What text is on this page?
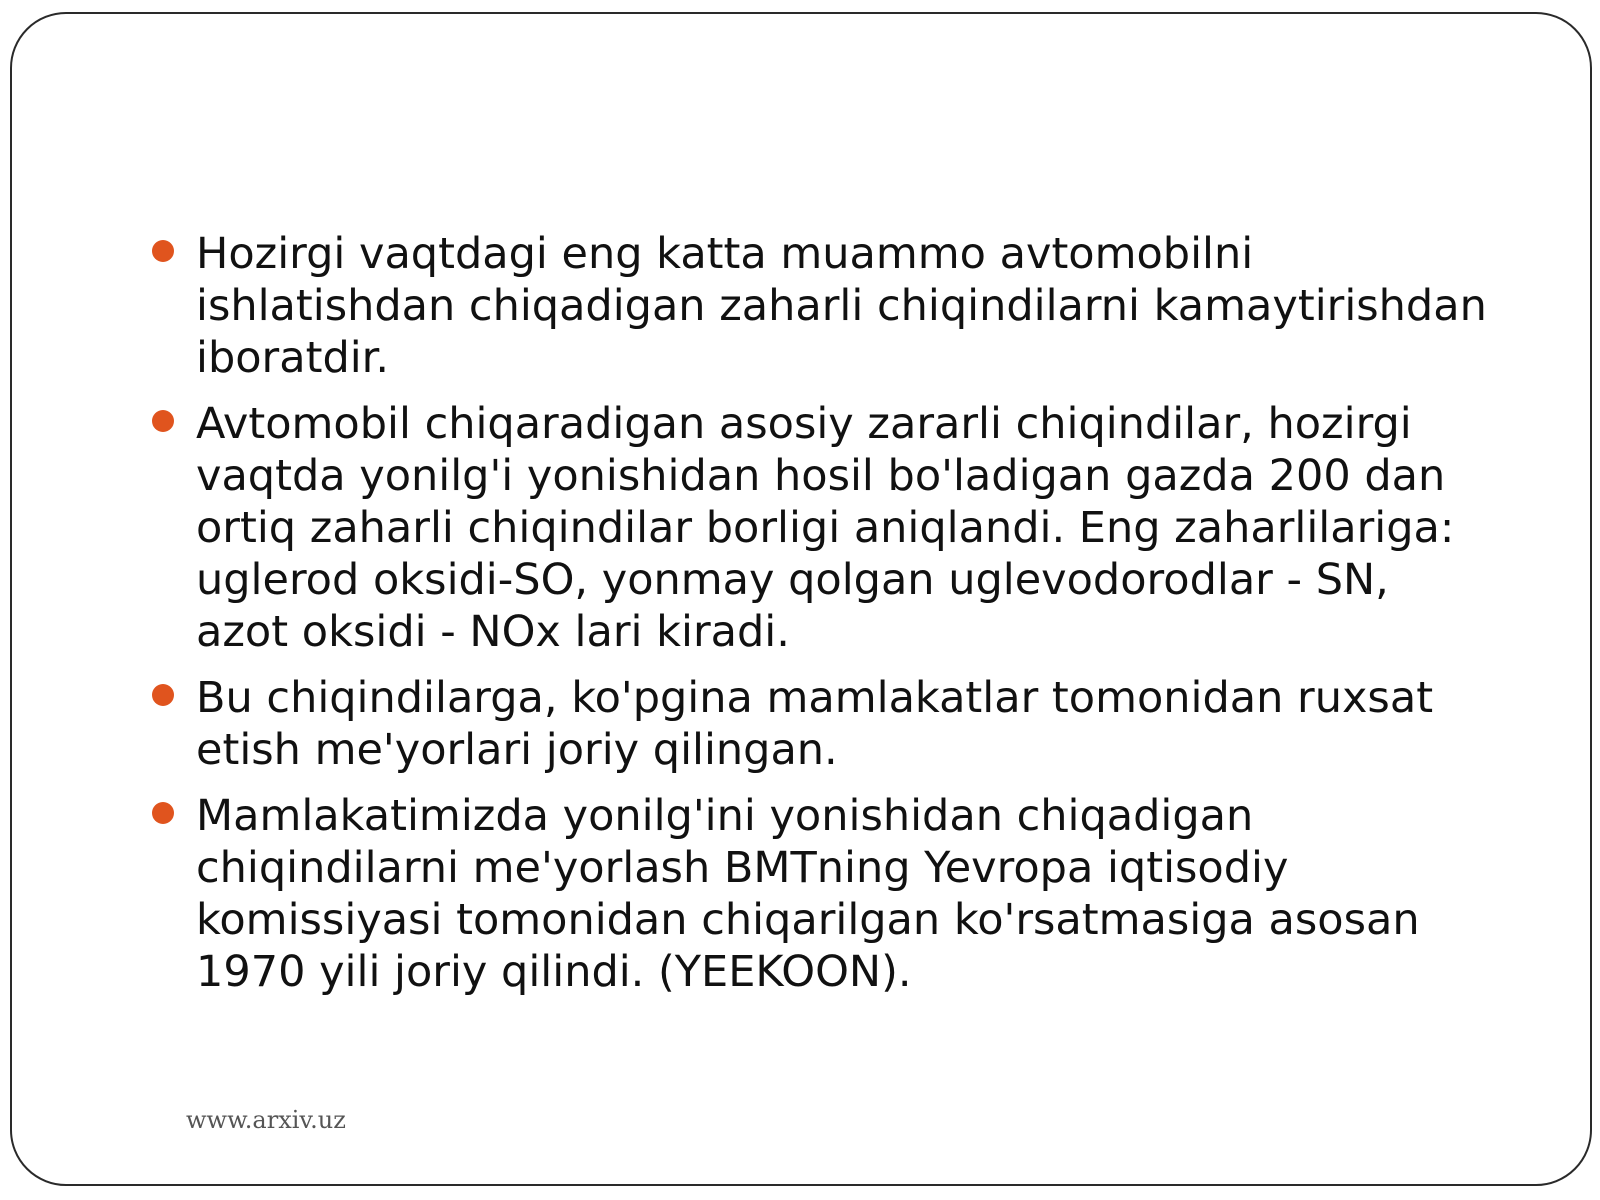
Hozirgi vaqtdagi eng katta muammo avtomobilni ishlatishdan chiqadigan zaharli chiqindilarni kamaytirishdan iboratdir.
Avtomobil chiqaradigan asosiy zararli chiqindilar, hozirgi vaqtda yonilg'i yonishidan hosil bo'ladigan gazda 200 dan ortiq zaharli chiqindilar borligi aniqlandi. Eng zaharlilariga: uglerod oksidi-SO, yonmay qolgan uglevodorodlar - SN, azot oksidi - NOx lari kiradi.
Bu chiqindilarga, ko'pgina mamlakatlar tomonidan ruxsat etish me'yorlari joriy qilingan.
Mamlakatimizda yonilg'ini yonishidan chiqadigan chiqindilarni me'yorlash BMTning Yevropa iqtisodiy komissiyasi tomonidan chiqarilgan ko'rsatmasiga asosan 1970 yili joriy qilindi. (YEEKOON).
www.arxiv.uz
